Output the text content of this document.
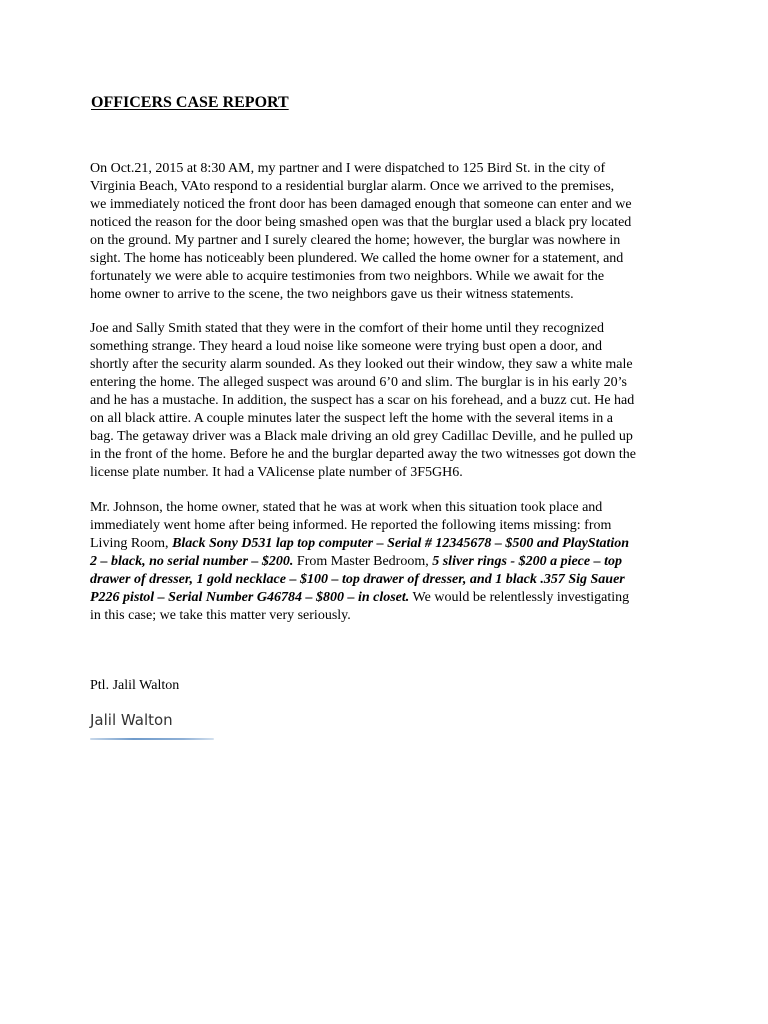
OFFICERS CASE REPORT
On Oct.21, 2015 at 8:30 AM, my partner and I were dispatched to 125 Bird St. in the city of
Virginia Beach, VAto respond to a residential burglar alarm. Once we arrived to the premises,
we immediately noticed the front door has been damaged enough that someone can enter and we
noticed the reason for the door being smashed open was that the burglar used a black pry located
on the ground. My partner and I surely cleared the home; however, the burglar was nowhere in
sight. The home has noticeably been plundered. We called the home owner for a statement, and
fortunately we were able to acquire testimonies from two neighbors. While we await for the
home owner to arrive to the scene, the two neighbors gave us their witness statements.
Joe and Sally Smith stated that they were in the comfort of their home until they recognized
something strange. They heard a loud noise like someone were trying bust open a door, and
shortly after the security alarm sounded. As they looked out their window, they saw a white male
entering the home. The alleged suspect was around 6’0 and slim. The burglar is in his early 20’s
and he has a mustache. In addition, the suspect has a scar on his forehead, and a buzz cut. He had
on all black attire. A couple minutes later the suspect left the home with the several items in a
bag. The getaway driver was a Black male driving an old grey Cadillac Deville, and he pulled up
in the front of the home. Before he and the burglar departed away the two witnesses got down the
license plate number. It had a VAlicense plate number of 3F5GH6.
Mr. Johnson, the home owner, stated that he was at work when this situation took place and
immediately went home after being informed. He reported the following items missing: from
Living Room, Black Sony D531 lap top computer – Serial # 12345678 – $500 and PlayStation
2 – black, no serial number – $200. From Master Bedroom, 5 sliver rings - $200 a piece – top
drawer of dresser, 1 gold necklace – $100 – top drawer of dresser, and 1 black .357 Sig Sauer
P226 pistol – Serial Number G46784 – $800 – in closet. We would be relentlessly investigating
in this case; we take this matter very seriously.

Ptl. Jalil Walton

Jalil Walton
